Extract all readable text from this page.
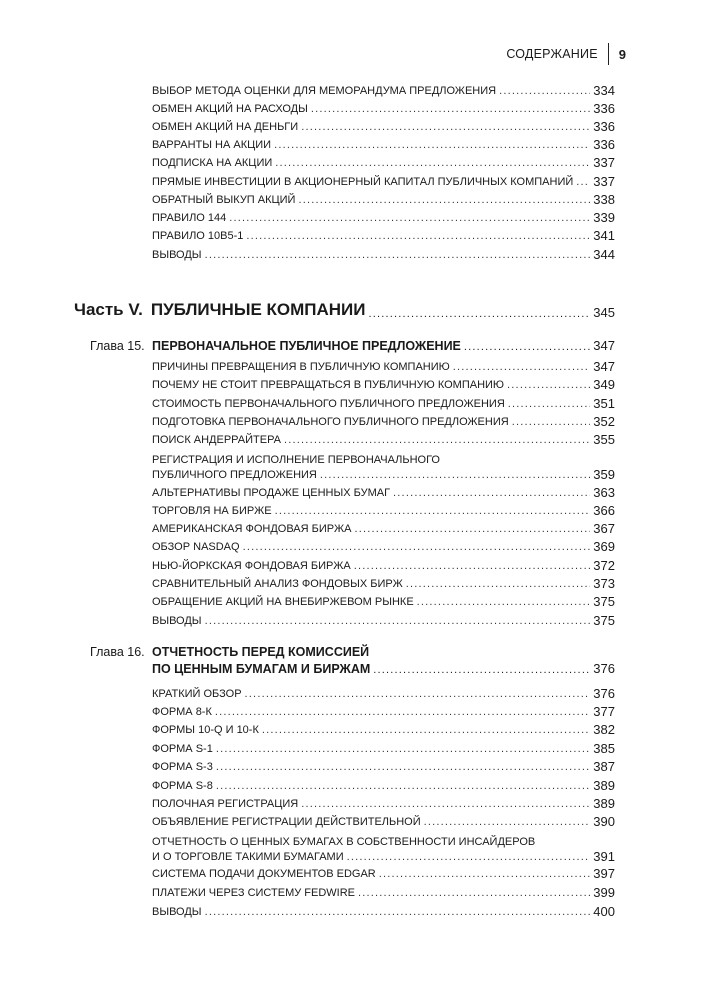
СОДЕРЖАНИЕ 9
ВЫБОР МЕТОДА ОЦЕНКИ ДЛЯ МЕМОРАНДУМА ПРЕДЛОЖЕНИЯ .....	334
ОБМЕН АКЦИЙ НА РАСХОДЫ .....	336
ОБМЕН АКЦИЙ НА ДЕНЬГИ .....	336
ВАРРАНТЫ НА АКЦИИ .....	336
ПОДПИСКА НА АКЦИИ .....	337
ПРЯМЫЕ ИНВЕСТИЦИИ В АКЦИОНЕРНЫЙ КАПИТАЛ ПУБЛИЧНЫХ КОМПАНИЙ ..... 337
ОБРАТНЫЙ ВЫКУП АКЦИЙ .....	338
ПРАВИЛО 144 .....	339
ПРАВИЛО 10B5-1 .....	341
ВЫВОДЫ .....	344
Часть V. ПУБЛИЧНЫЕ КОМПАНИИ .....	345
Глава 15. ПЕРВОНАЧАЛЬНОЕ ПУБЛИЧНОЕ ПРЕДЛОЖЕНИЕ .....	347
ПРИЧИНЫ ПРЕВРАЩЕНИЯ В ПУБЛИЧНУЮ КОМПАНИЮ .....	347
ПОЧЕМУ НЕ СТОИТ ПРЕВРАЩАТЬСЯ В ПУБЛИЧНУЮ КОМПАНИЮ .....	349
СТОИМОСТЬ ПЕРВОНАЧАЛЬНОГО ПУБЛИЧНОГО ПРЕДЛОЖЕНИЯ .....	351
ПОДГОТОВКА ПЕРВОНАЧАЛЬНОГО ПУБЛИЧНОГО ПРЕДЛОЖЕНИЯ .....	352
ПОИСК АНДЕРРАЙТЕРА .....	355
РЕГИСТРАЦИЯ И ИСПОЛНЕНИЕ ПЕРВОНАЧАЛЬНОГО
ПУБЛИЧНОГО ПРЕДЛОЖЕНИЯ .....	359
АЛЬТЕРНАТИВЫ ПРОДАЖЕ ЦЕННЫХ БУМАГ .....	363
ТОРГОВЛЯ НА БИРЖЕ .....	366
АМЕРИКАНСКАЯ ФОНДОВАЯ БИРЖА .....	367
ОБЗОР NASDAQ .....	369
НЬЮ-ЙОРКСКАЯ ФОНДОВАЯ БИРЖА .....	372
СРАВНИТЕЛЬНЫЙ АНАЛИЗ ФОНДОВЫХ БИРЖ .....	373
ОБРАЩЕНИЕ АКЦИЙ НА ВНЕБИРЖЕВОМ РЫНКЕ .....	375
ВЫВОДЫ .....	375
Глава 16. ОТЧЕТНОСТЬ ПЕРЕД КОМИССИЕЙ
ПО ЦЕННЫМ БУМАГАМ И БИРЖАМ .....	376
КРАТКИЙ ОБЗОР .....	376
ФОРМА 8-К .....	377
ФОРМЫ 10-Q И 10-К .....	382
ФОРМА S-1 .....	385
ФОРМА S-3 .....	387
ФОРМА S-8 .....	389
ПОЛОЧНАЯ РЕГИСТРАЦИЯ .....	389
ОБЪЯВЛЕНИЕ РЕГИСТРАЦИИ ДЕЙСТВИТЕЛЬНОЙ .....	390
ОТЧЕТНОСТЬ О ЦЕННЫХ БУМАГАХ В СОБСТВЕННОСТИ ИНСАЙДЕРОВ
И О ТОРГОВЛЕ ТАКИМИ БУМАГАМИ .....	391
СИСТЕМА ПОДАЧИ ДОКУМЕНТОВ EDGAR .....	397
ПЛАТЕЖИ ЧЕРЕЗ СИСТЕМУ FEDWIRE .....	399
ВЫВОДЫ .....	400
